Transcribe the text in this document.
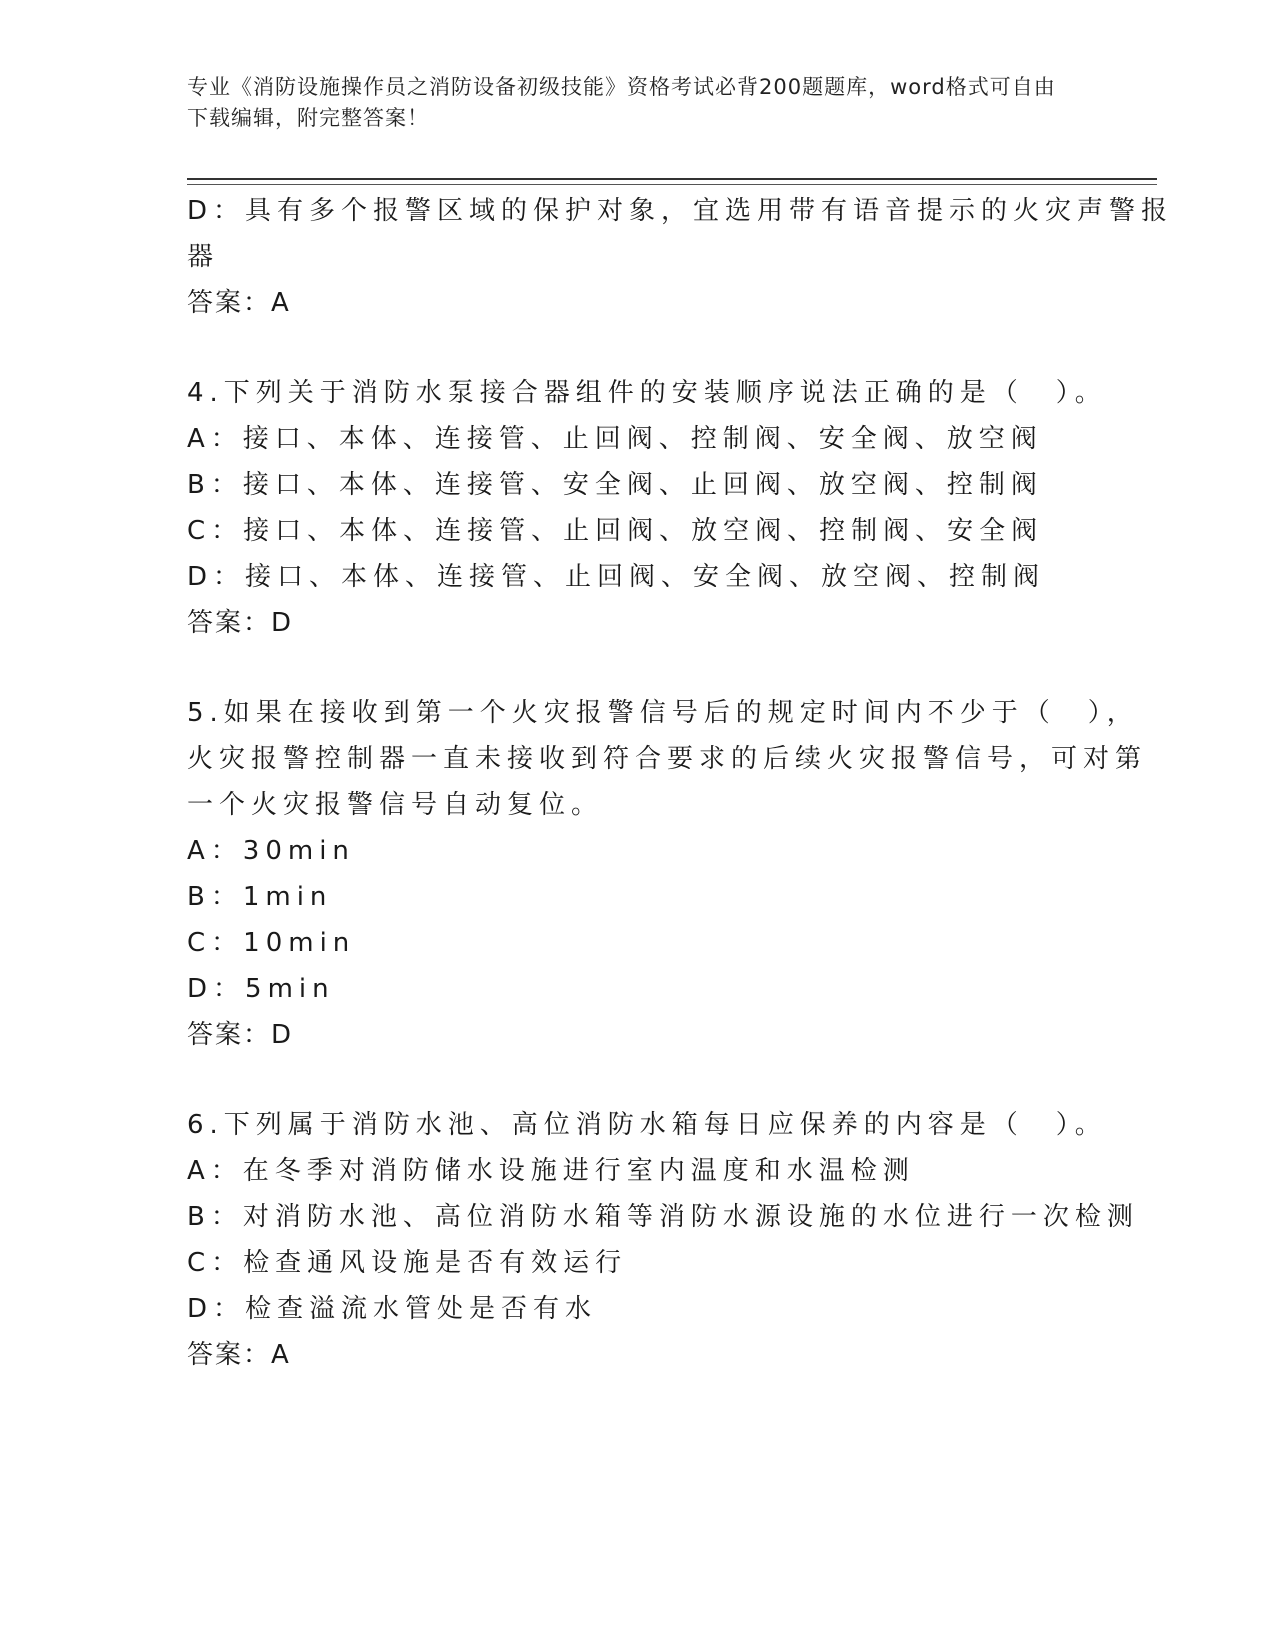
专业《消防设施操作员之消防设备初级技能》资格考试必背200题题库，word格式可自由下载编辑，附完整答案！
D：具有多个报警区域的保护对象，宜选用带有语音提示的火灾声警报
器
答案：A
4.下列关于消防水泵接合器组件的安装顺序说法正确的是（　）。
A：接口、本体、连接管、止回阀、控制阀、安全阀、放空阀
B：接口、本体、连接管、安全阀、止回阀、放空阀、控制阀
C：接口、本体、连接管、止回阀、放空阀、控制阀、安全阀
D：接口、本体、连接管、止回阀、安全阀、放空阀、控制阀
答案：D
5.如果在接收到第一个火灾报警信号后的规定时间内不少于（　），
火灾报警控制器一直未接收到符合要求的后续火灾报警信号，可对第
一个火灾报警信号自动复位。
A：30min
B：1min
C：10min
D：5min
答案：D
6.下列属于消防水池、高位消防水箱每日应保养的内容是（　）。
A：在冬季对消防储水设施进行室内温度和水温检测
B：对消防水池、高位消防水箱等消防水源设施的水位进行一次检测
C：检查通风设施是否有效运行
D：检查溢流水管处是否有水
答案：A
